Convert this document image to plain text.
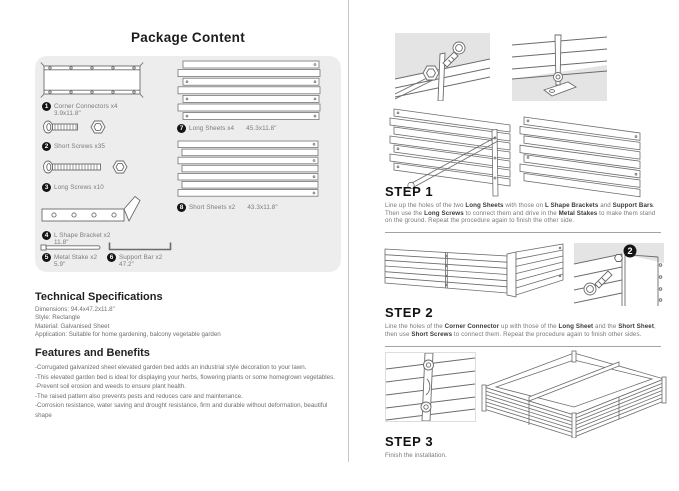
Package Content
1 Corner Connectors x4
3.9x11.8"
2 Short Screws x35
3 Long Screws x10
4 L Shape Bracket x2
11.8"
5 Metal Stake x2
5.9"
6 Support Bar x2
47.2"
7 Long Sheets x4 45.3x11.8"
8 Short Sheets x2 43.3x11.8"
Technical Specifications
Dimensions: 94.4x47.2x11.8"
Style: Rectangle
Material: Galvanised Sheet
Application: Suitable for home gardening, balcony vegetable garden
Features and Benefits
-Corrugated galvanized sheet elevated garden bed adds an industrial style decoration to your lawn.
-This elevated garden bed is ideal for displaying your herbs, flowering plants or some homegrown vegetables.
-Prevent soil erosion and weeds to ensure plant health.
-The raised pattern also prevents pests and reduces care and maintenance.
-Corrosion resistance, water saving and drought resistance, firm and durable without deformation, beautiful shape
STEP 1
Line up the holes of the two Long Sheets with those on L Shape Brackets and Support Bars. Then use the Long Screws to connect them and drive in the Metal Stakes to make them stand on the ground. Repeat the procedure again to finish the other side.
2
STEP 2
Line the holes of the Corner Connector up with those of the Long Sheet and the Short Sheet, then use Short Screws to connect them. Repeat the procedure again to finish other sides.
STEP 3
Finish the installation.
